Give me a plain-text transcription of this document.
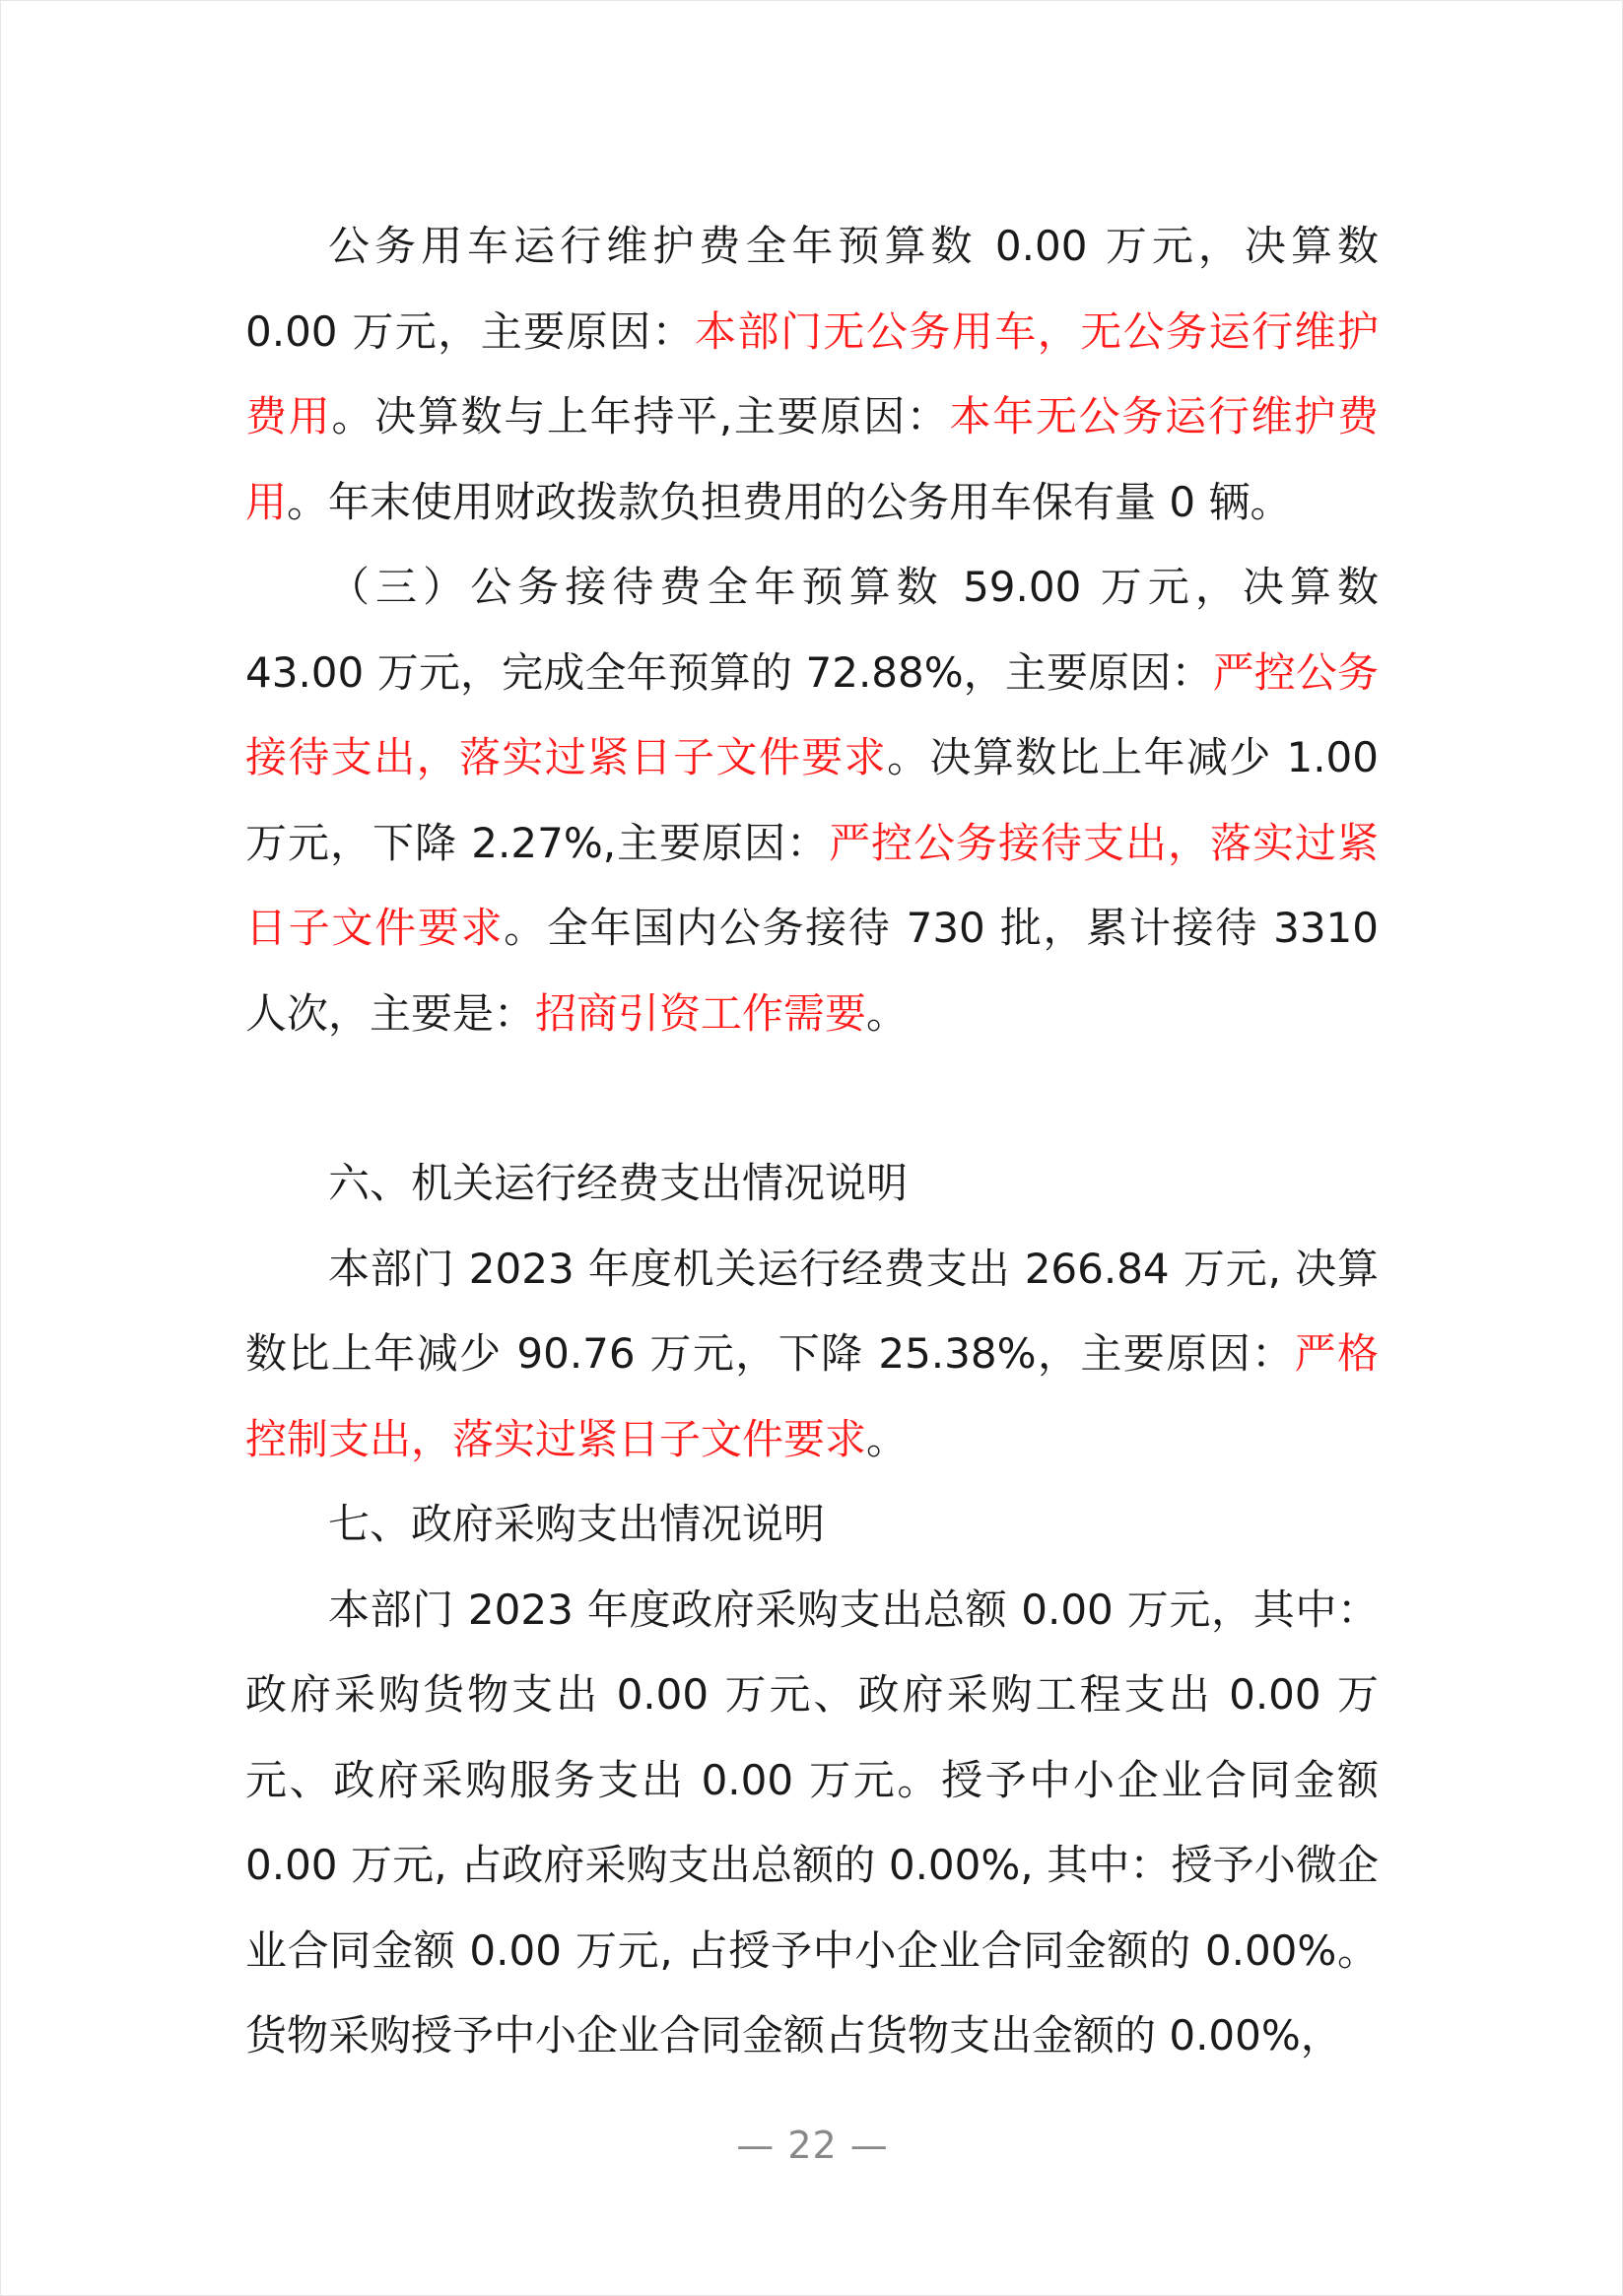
公务用车运行维护费全年预算数 0.00 万元，决算数 0.00 万元，主要原因：本部门无公务用车，无公务运行维护费用。决算数与上年持平,主要原因：本年无公务运行维护费用。年末使用财政拨款负担费用的公务用车保有量 0 辆。

（三）公务接待费全年预算数 59.00 万元，决算数 43.00 万元，完成全年预算的 72.88%，主要原因：严控公务接待支出，落实过紧日子文件要求。决算数比上年减少 1.00 万元，下降 2.27%,主要原因：严控公务接待支出，落实过紧日子文件要求。全年国内公务接待 730 批，累计接待 3310 人次，主要是：招商引资工作需要。

六、机关运行经费支出情况说明

本部门 2023 年度机关运行经费支出 266.84 万元, 决算数比上年减少 90.76 万元，下降 25.38%，主要原因：严格控制支出，落实过紧日子文件要求。

七、政府采购支出情况说明

本部门 2023 年度政府采购支出总额 0.00 万元，其中：政府采购货物支出 0.00 万元、政府采购工程支出 0.00 万元、政府采购服务支出 0.00 万元。授予中小企业合同金额 0.00 万元, 占政府采购支出总额的 0.00%, 其中：授予小微企业合同金额 0.00 万元, 占授予中小企业合同金额的 0.00%。货物采购授予中小企业合同金额占货物支出金额的 0.00%，

— 22 —
